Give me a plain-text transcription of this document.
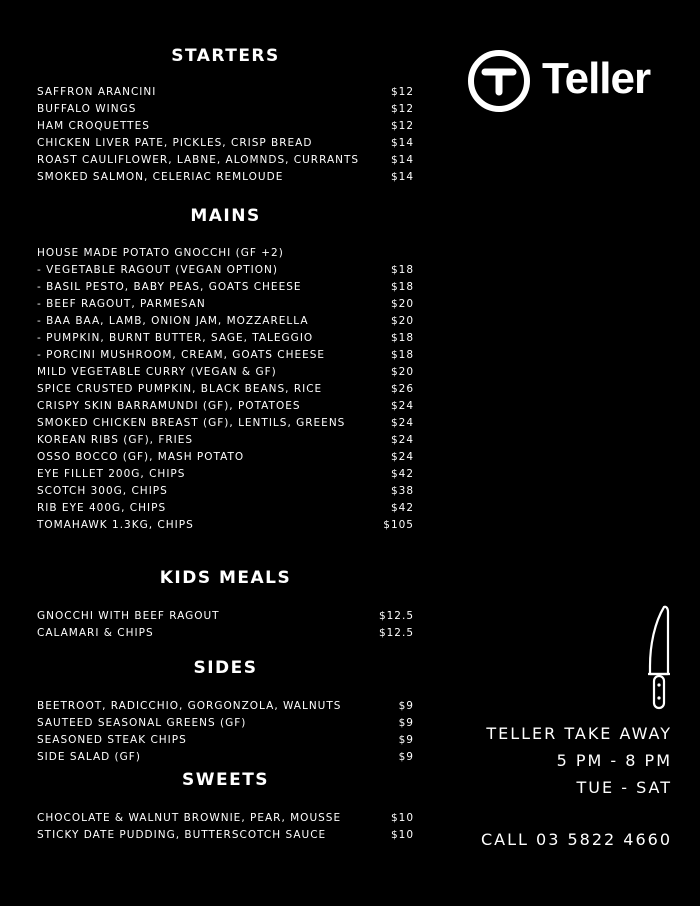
STARTERS
SAFFRON ARANCINI	$12
BUFFALO WINGS	$12
HAM CROQUETTES	$12
CHICKEN LIVER PATE, PICKLES, CRISP BREAD	$14
ROAST CAULIFLOWER, LABNE, ALOMNDS, CURRANTS	$14
SMOKED SALMON, CELERIAC REMLOUDE	$14
MAINS
HOUSE MADE POTATO GNOCCHI (GF +2)
- VEGETABLE RAGOUT (VEGAN OPTION)	$18
- BASIL PESTO, BABY PEAS, GOATS CHEESE	$18
- BEEF RAGOUT, PARMESAN	$20
- BAA BAA, LAMB, ONION JAM, MOZZARELLA	$20
- PUMPKIN, BURNT BUTTER, SAGE, TALEGGIO	$18
- PORCINI MUSHROOM, CREAM, GOATS CHEESE	$18
MILD VEGETABLE CURRY (VEGAN & GF)	$20
SPICE CRUSTED PUMPKIN, BLACK BEANS, RICE	$26
CRISPY SKIN BARRAMUNDI (GF), POTATOES	$24
SMOKED CHICKEN BREAST (GF), LENTILS, GREENS	$24
KOREAN RIBS (GF), FRIES	$24
OSSO BOCCO (GF), MASH POTATO	$24
EYE FILLET 200G, CHIPS	$42
SCOTCH 300G, CHIPS	$38
RIB EYE 400G, CHIPS	$42
TOMAHAWK 1.3KG, CHIPS	$105
KIDS MEALS
GNOCCHI WITH BEEF RAGOUT	$12.5
CALAMARI & CHIPS	$12.5
SIDES
BEETROOT, RADICCHIO, GORGONZOLA, WALNUTS	$9
SAUTEED SEASONAL GREENS (GF)	$9
SEASONED STEAK CHIPS	$9
SIDE SALAD (GF)	$9
SWEETS
CHOCOLATE & WALNUT BROWNIE, PEAR, MOUSSE	$10
STICKY DATE PUDDING, BUTTERSCOTCH SAUCE	$10
Teller
TELLER TAKE AWAY
5 PM - 8 PM
TUE - SAT
CALL 03 5822 4660
